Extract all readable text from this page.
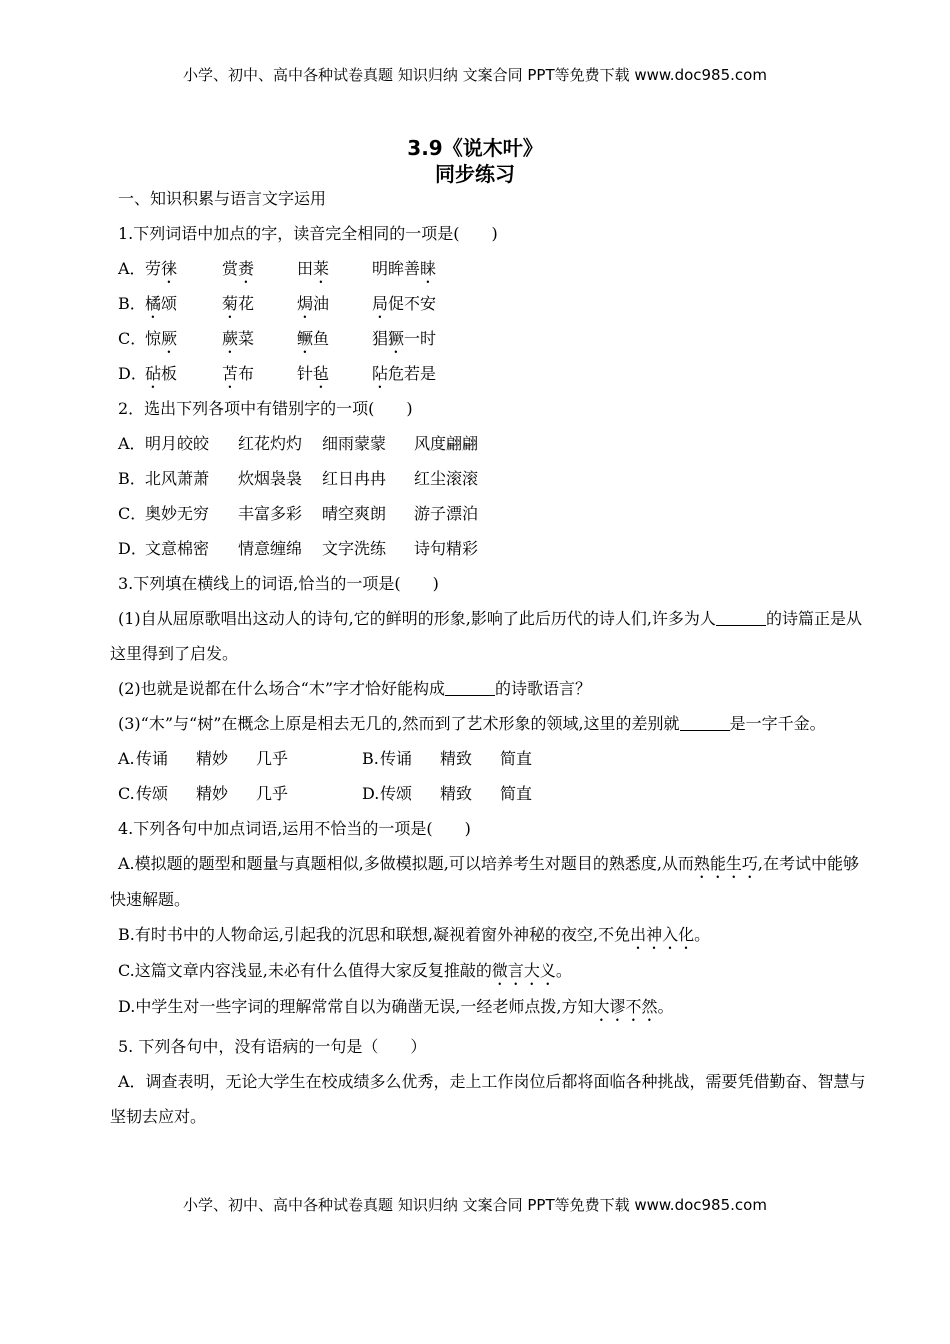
小学、初中、高中各种试卷真题 知识归纳 文案合同 PPT等免费下载 www.doc985.com
3.9《说木叶》
同步练习
一、知识积累与语言文字运用
1.下列词语中加点的字，读音完全相同的一项是(　　)
A． 劳徕	赏赉	田莱	明眸善睐
B． 橘颂	菊花	焗油	局促不安
C．
惊厥	蕨菜	鳜鱼	猖獗一时
D．
砧板	苫布	针毡	阽危若是
2．选出下列各项中有错别字的一项(　　)
A． 明月皎皎 红花灼灼 细雨蒙蒙 风度翩翩
B． 北风萧萧 炊烟袅袅 红日冉冉 红尘滚滚
C．
奥妙无穷 丰富多彩 晴空爽朗 游子漂泊
D．
文意棉密 情意缠绵 文字洗练 诗句精彩
3.下列填在横线上的词语,恰当的一项是(　　)
(1)自从屈原歌唱出这动人的诗句,它的鲜明的形象,影响了此后历代的诗人们,许多为人	的诗篇正是从这里得到了启发。
(2)也就是说都在什么场合“木”字才恰好能构成	的诗歌语言？
(3)“木”与“树”在概念上原是相去无几的,然而到了艺术形象的领域,这里的差别就	是一字千金。
A. 传诵 精妙 几乎	B. 传诵 精致 简直
C. 传颂 精妙 几乎	D. 传颂 精致 简直
4.下列各句中加点词语,运用不恰当的一项是(　　)
A.模拟题的题型和题量与真题相似,多做模拟题,可以培养考生对题目的熟悉度,从而熟能生巧,在考试中能够快速解题。
B.有时书中的人物命运,引起我的沉思和联想,凝视着窗外神秘的夜空,不免出神入化。
C.这篇文章内容浅显,未必有什么值得大家反复推敲的微言大义。
D.中学生对一些字词的理解常常自以为确凿无误,一经老师点拨,方知大谬不然。
5. 下列各句中，没有语病的一句是（　　）
A．调查表明，无论大学生在校成绩多么优秀，走上工作岗位后都将面临各种挑战，需要凭借勤奋、智慧与坚韧去应对。
小学、初中、高中各种试卷真题 知识归纳 文案合同 PPT等免费下载 www.doc985.com
